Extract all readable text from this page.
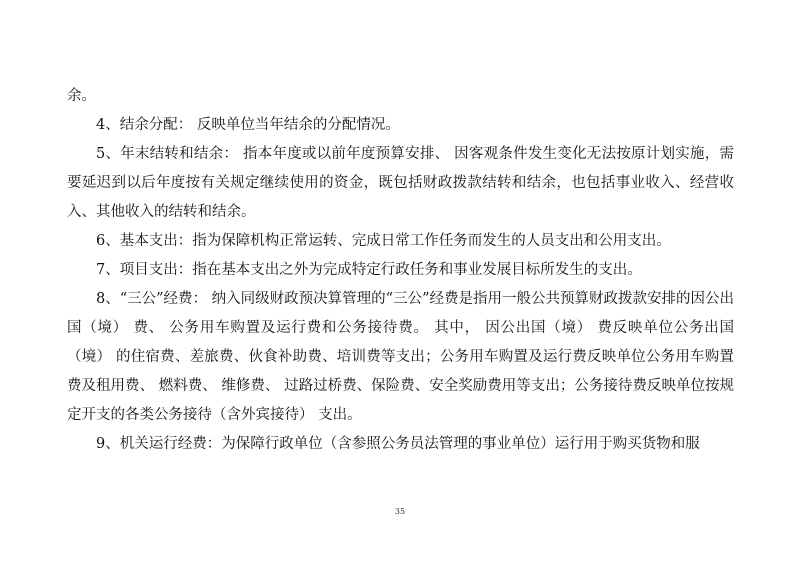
余。

4、结余分配： 反映单位当年结余的分配情况。

5、年末结转和结余： 指本年度或以前年度预算安排、 因客观条件发生变化无法按原计划实施，需要延迟到以后年度按有关规定继续使用的资金，既包括财政拨款结转和结余，也包括事业收入、经营收入、其他收入的结转和结余。

6、基本支出：指为保障机构正常运转、完成日常工作任务而发生的人员支出和公用支出。

7、项目支出：指在基本支出之外为完成特定行政任务和事业发展目标所发生的支出。

8、“三公”经费： 纳入同级财政预决算管理的“三公”经费是指用一般公共预算财政拨款安排的因公出国（境） 费、 公务用车购置及运行费和公务接待费。 其中， 因公出国（境） 费反映单位公务出国（境） 的住宿费、差旅费、伙食补助费、培训费等支出；公务用车购置及运行费反映单位公务用车购置费及租用费、 燃料费、 维修费、 过路过桥费、保险费、安全奖励费用等支出；公务接待费反映单位按规定开支的各类公务接待（含外宾接待） 支出。

9、机关运行经费：为保障行政单位（含参照公务员法管理的事业单位）运行用于购买货物和服

35
